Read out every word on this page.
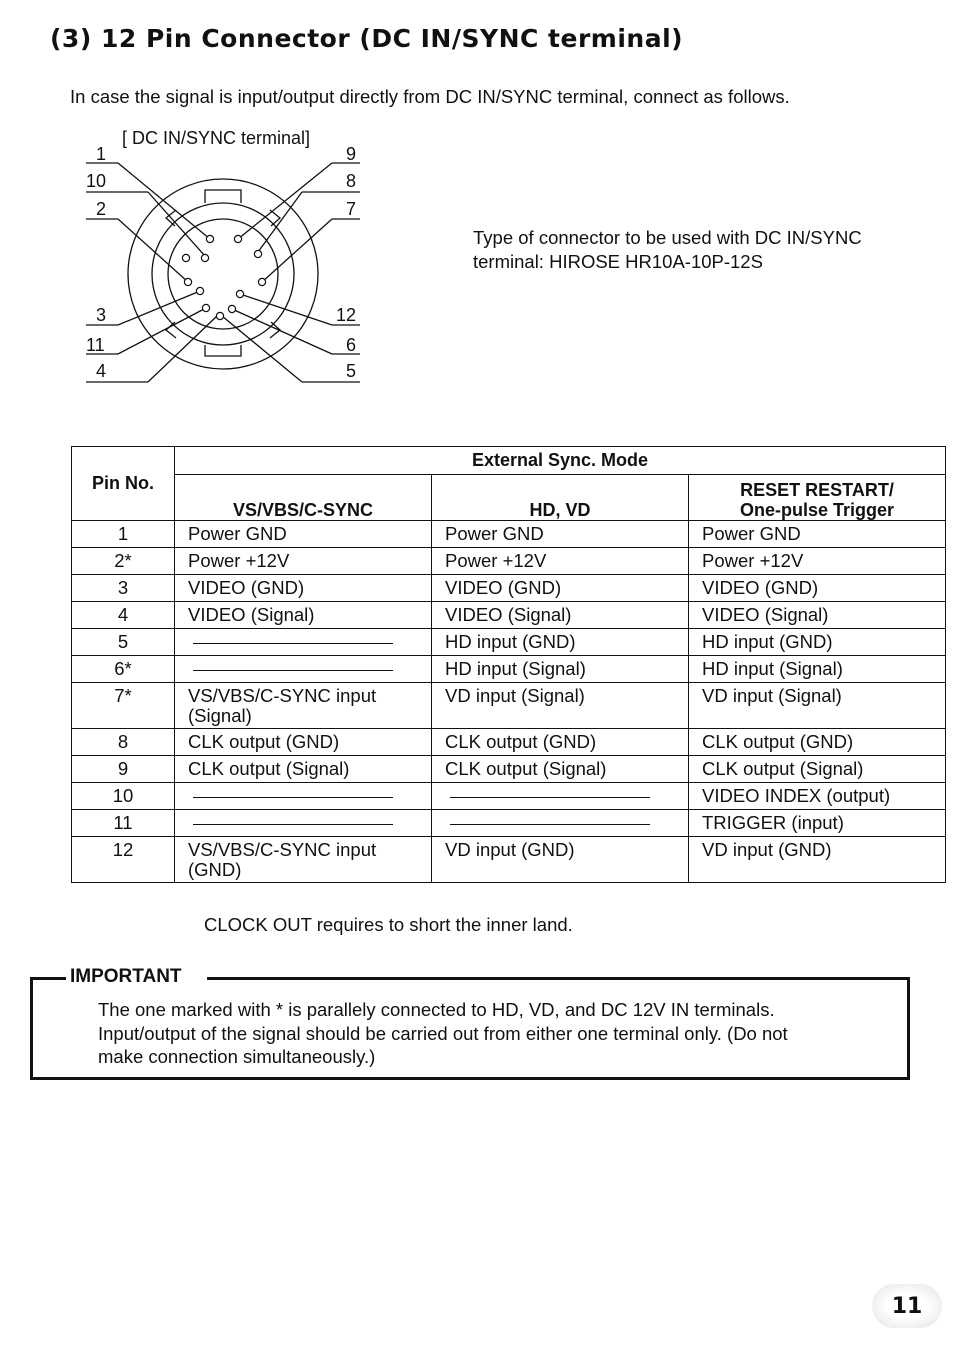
(3) 12 Pin Connector (DC IN/SYNC terminal)
In case the signal is input/output directly from DC IN/SYNC terminal, connect as follows.
[ DC IN/SYNC terminal]
1
10
2
3
11
4
9
8
7
12
6
5
Type of connector to be used with DC IN/SYNC terminal: HIROSE HR10A-10P-12S
Pin No.	External Sync. Mode		
	VS/VBS/C-SYNC	HD, VD	RESET RESTART/
One-pulse Trigger

1	Power GND	Power GND	Power GND
2*	Power +12V	Power +12V	Power +12V
3	VIDEO (GND)	VIDEO (GND)	VIDEO (GND)
4	VIDEO (Signal)	VIDEO (Signal)	VIDEO (Signal)
5		HD input (GND)	HD input (GND)
6*		HD input (Signal)	HD input (Signal)
7*	VS/VBS/C-SYNC input
(Signal)	VD input (Signal)	VD input (Signal)
8	CLK output (GND)	CLK output (GND)	CLK output (GND)
9	CLK output (Signal)	CLK output (Signal)	CLK output (Signal)
10			VIDEO INDEX (output)
11			TRIGGER (input)
12	VS/VBS/C-SYNC input
(GND)	VD input (GND)	VD input (GND)
CLOCK OUT requires to short the inner land.
IMPORTANT
The one marked with * is parallely connected to HD, VD, and DC 12V IN terminals.
Input/output of the signal should be carried out from either one terminal only. (Do not
make connection simultaneously.)
11
